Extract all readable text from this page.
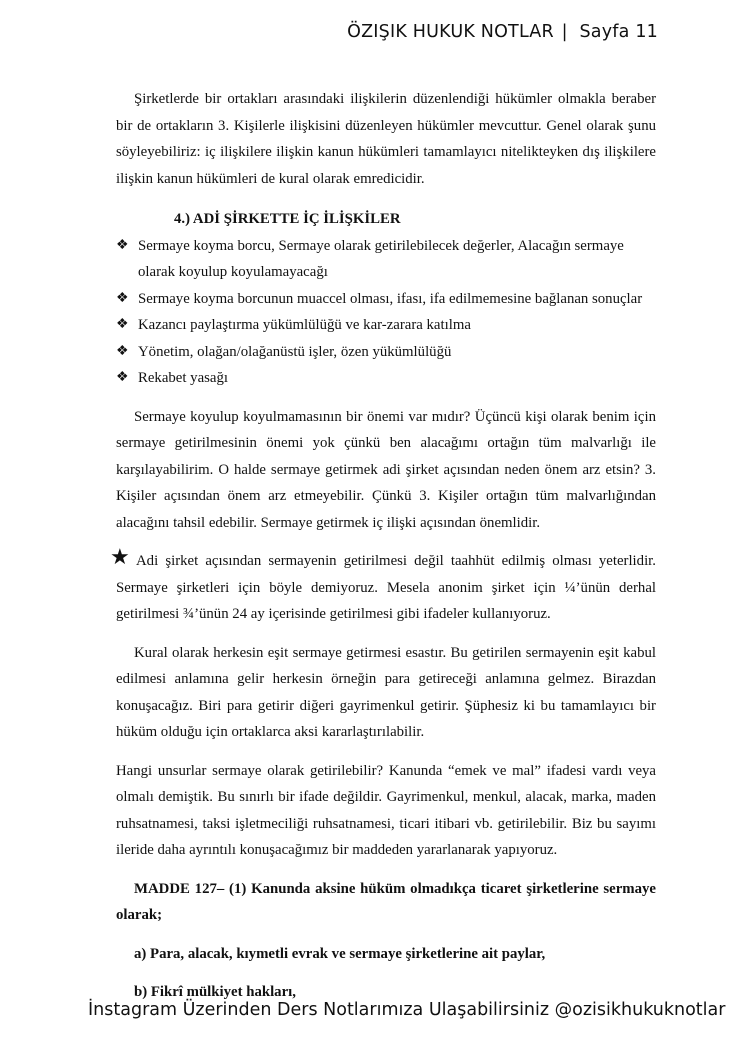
ÖZIŞIK HUKUK NOTLAR | Sayfa 11

Şirketlerde bir ortakları arasındaki ilişkilerin düzenlendiği hükümler olmakla beraber bir de ortakların 3. Kişilerle ilişkisini düzenleyen hükümler mevcuttur. Genel olarak şunu söyleyebiliriz: iç ilişkilere ilişkin kanun hükümleri tamamlayıcı nitelikteyken dış ilişkilere ilişkin kanun hükümleri de kural olarak emredicidir.

4.) ADİ ŞİRKETTE İÇ İLİŞKİLER
❖ Sermaye koyma borcu, Sermaye olarak getirilebilecek değerler, Alacağın sermaye olarak koyulup koyulamayacağı
❖ Sermaye koyma borcunun muaccel olması, ifası, ifa edilmemesine bağlanan sonuçlar
❖ Kazancı paylaştırma yükümlülüğü ve kar-zarara katılma
❖ Yönetim, olağan/olağanüstü işler, özen yükümlülüğü
❖ Rekabet yasağı

Sermaye koyulup koyulmamasının bir önemi var mıdır? Üçüncü kişi olarak benim için sermaye getirilmesinin önemi yok çünkü ben alacağımı ortağın tüm malvarlığı ile karşılayabilirim. O halde sermaye getirmek adi şirket açısından neden önem arz etsin? 3. Kişiler açısından önem arz etmeyebilir. Çünkü 3. Kişiler ortağın tüm malvarlığından alacağını tahsil edebilir. Sermaye getirmek iç ilişki açısından önemlidir.

★ Adi şirket açısından sermayenin getirilmesi değil taahhüt edilmiş olması yeterlidir. Sermaye şirketleri için böyle demiyoruz. Mesela anonim şirket için ¼’ünün derhal getirilmesi ¾’ünün 24 ay içerisinde getirilmesi gibi ifadeler kullanıyoruz.

Kural olarak herkesin eşit sermaye getirmesi esastır. Bu getirilen sermayenin eşit kabul edilmesi anlamına gelir herkesin örneğin para getireceği anlamına gelmez. Birazdan konuşacağız. Biri para getirir diğeri gayrimenkul getirir. Şüphesiz ki bu tamamlayıcı bir hüküm olduğu için ortaklarca aksi kararlaştırılabilir.

Hangi unsurlar sermaye olarak getirilebilir? Kanunda “emek ve mal” ifadesi vardı veya olmalı demiştik. Bu sınırlı bir ifade değildir. Gayrimenkul, menkul, alacak, marka, maden ruhsatnamesi, taksi işletmeciliği ruhsatnamesi, ticari itibari vb. getirilebilir. Biz bu sayımı ileride daha ayrıntılı konuşacağımız bir maddeden yararlanarak yapıyoruz.

MADDE 127– (1) Kanunda aksine hüküm olmadıkça ticaret şirketlerine sermaye olarak;

a) Para, alacak, kıymetli evrak ve sermaye şirketlerine ait paylar,

b) Fikrî mülkiyet hakları,

İnstagram Üzerinden Ders Notlarımıza Ulaşabilirsiniz @ozisikhukuknotlar
